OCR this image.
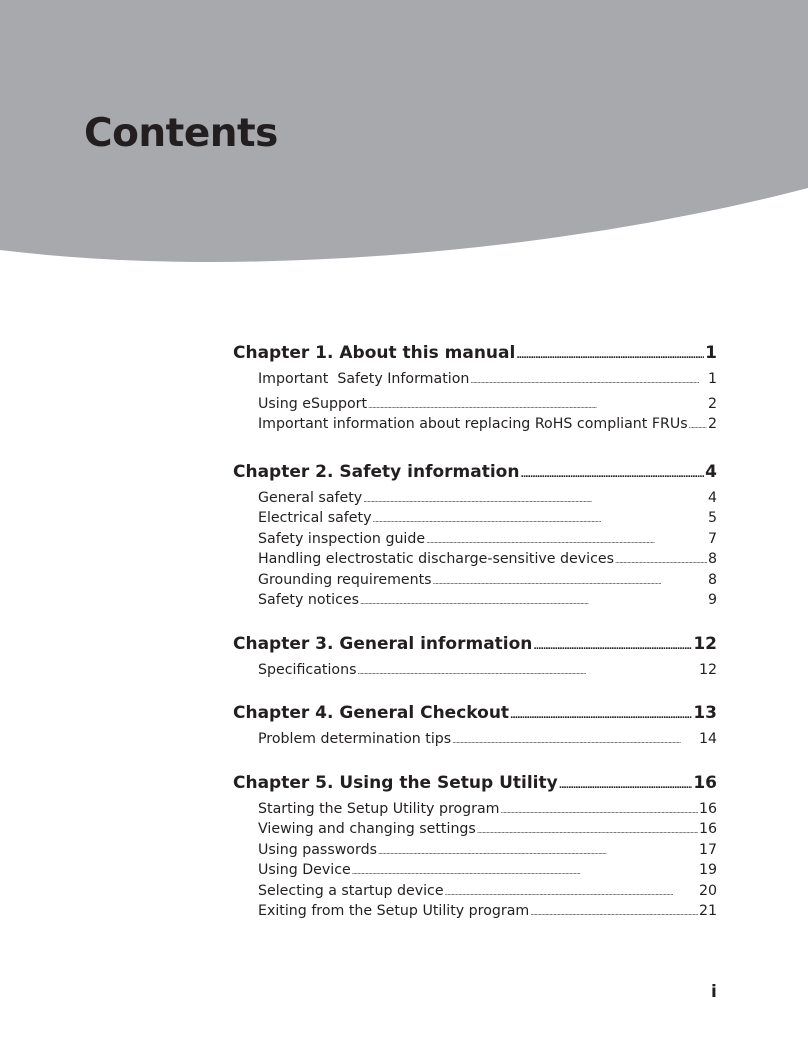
Contents
Chapter 1. About this manual . . .	1
Important  Safety Information . . .	1
Using eSupport . . .	2
Important information about replacing RoHS compliant FRUs . . . 2
Chapter 2. Safety information . . .	4
General safety . . .	4
Electrical safety . . .	5
Safety inspection guide . . .	7
Handling electrostatic discharge-sensitive devices . . .	8
Grounding requirements . . .	8
Safety notices . . .	9
Chapter 3. General information . . .	12
Specifications . . .	12
Chapter 4. General Checkout . . .	13
Problem determination tips . . .	14
Chapter 5. Using the Setup Utility . . .	16
Starting the Setup Utility program . . .	16
Viewing and changing settings . . .	16
Using passwords . . .	17
Using Device . . .	19
Selecting a startup device . . .	20
Exiting from the Setup Utility program . . .	21
i
